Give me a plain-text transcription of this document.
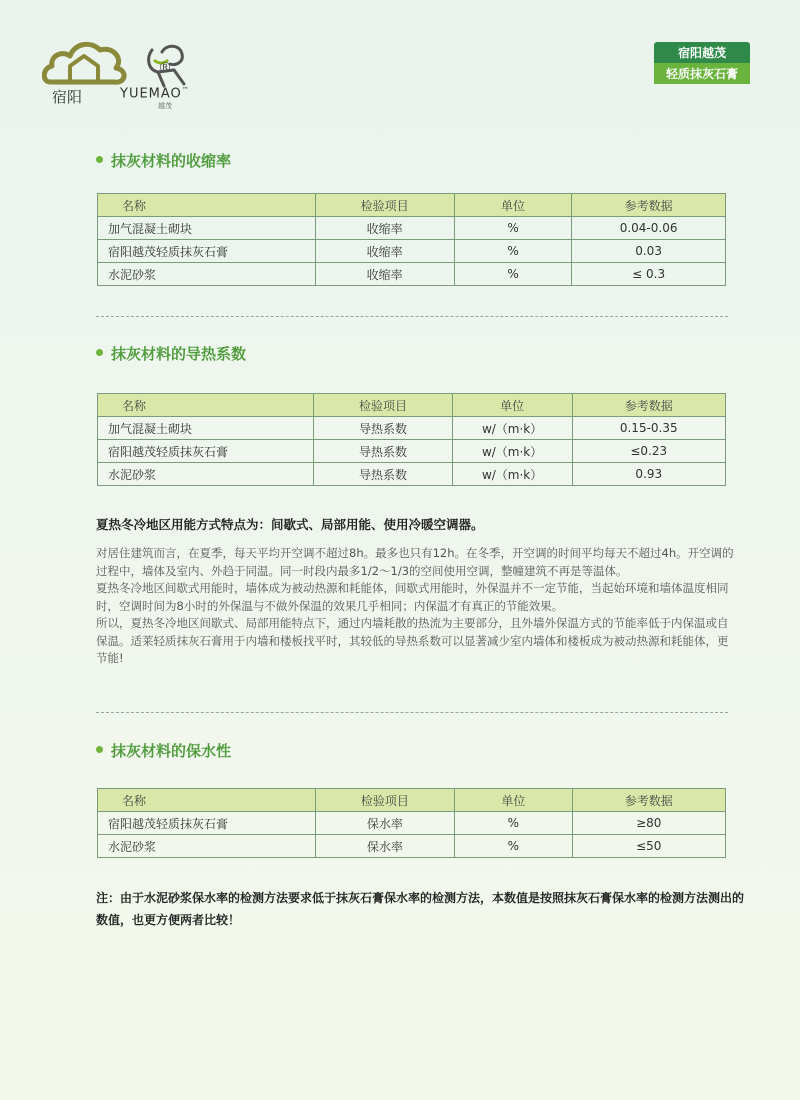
®
宿阳	YUEMAO™
越茂
宿阳越茂
轻质抹灰石膏
抹灰材料的收缩率
名称	检验项目	单位	参考数据
加气混凝土砌块	收缩率	%	0.04-0.06
宿阳越茂轻质抹灰石膏	收缩率	%	0.03
水泥砂浆	收缩率	%	≤ 0.3
抹灰材料的导热系数
名称	检验项目	单位	参考数据
加气混凝土砌块	导热系数	w/（m·k）	0.15-0.35
宿阳越茂轻质抹灰石膏	导热系数	w/（m·k）	≤0.23
水泥砂浆	导热系数	w/（m·k）	0.93
夏热冬冷地区用能方式特点为：间歇式、局部用能、使用冷暖空调器。

对居住建筑而言，在夏季，每天平均开空调不超过8h。最多也只有12h。在冬季，开空调的时间平均每天不超过4h。开空调的过程中，墙体及室内、外趋于同温。同一时段内最多1/2～1/3的空间使用空调，整幢建筑不再是等温体。

夏热冬冷地区间歇式用能时，墙体成为被动热源和耗能体，间歇式用能时，外保温并不一定节能，当起始环境和墙体温度相同时，空调时间为8小时的外保温与不做外保温的效果几乎相同；内保温才有真正的节能效果。

所以，夏热冬冷地区间歇式、局部用能特点下，通过内墙耗散的热流为主要部分，且外墙外保温方式的节能率低于内保温或自保温。适莱轻质抹灰石膏用于内墙和楼板找平时，其较低的导热系数可以显著减少室内墙体和楼板成为被动热源和耗能体，更节能!

抹灰材料的保水性
名称	检验项目	单位	参考数据
宿阳越茂轻质抹灰石膏	保水率	%	≥80
水泥砂浆	保水率	%	≤50
注：由于水泥砂浆保水率的检测方法要求低于抹灰石膏保水率的检测方法，本数值是按照抹灰石膏保水率的检测方法测出的数值，也更方便两者比较！
